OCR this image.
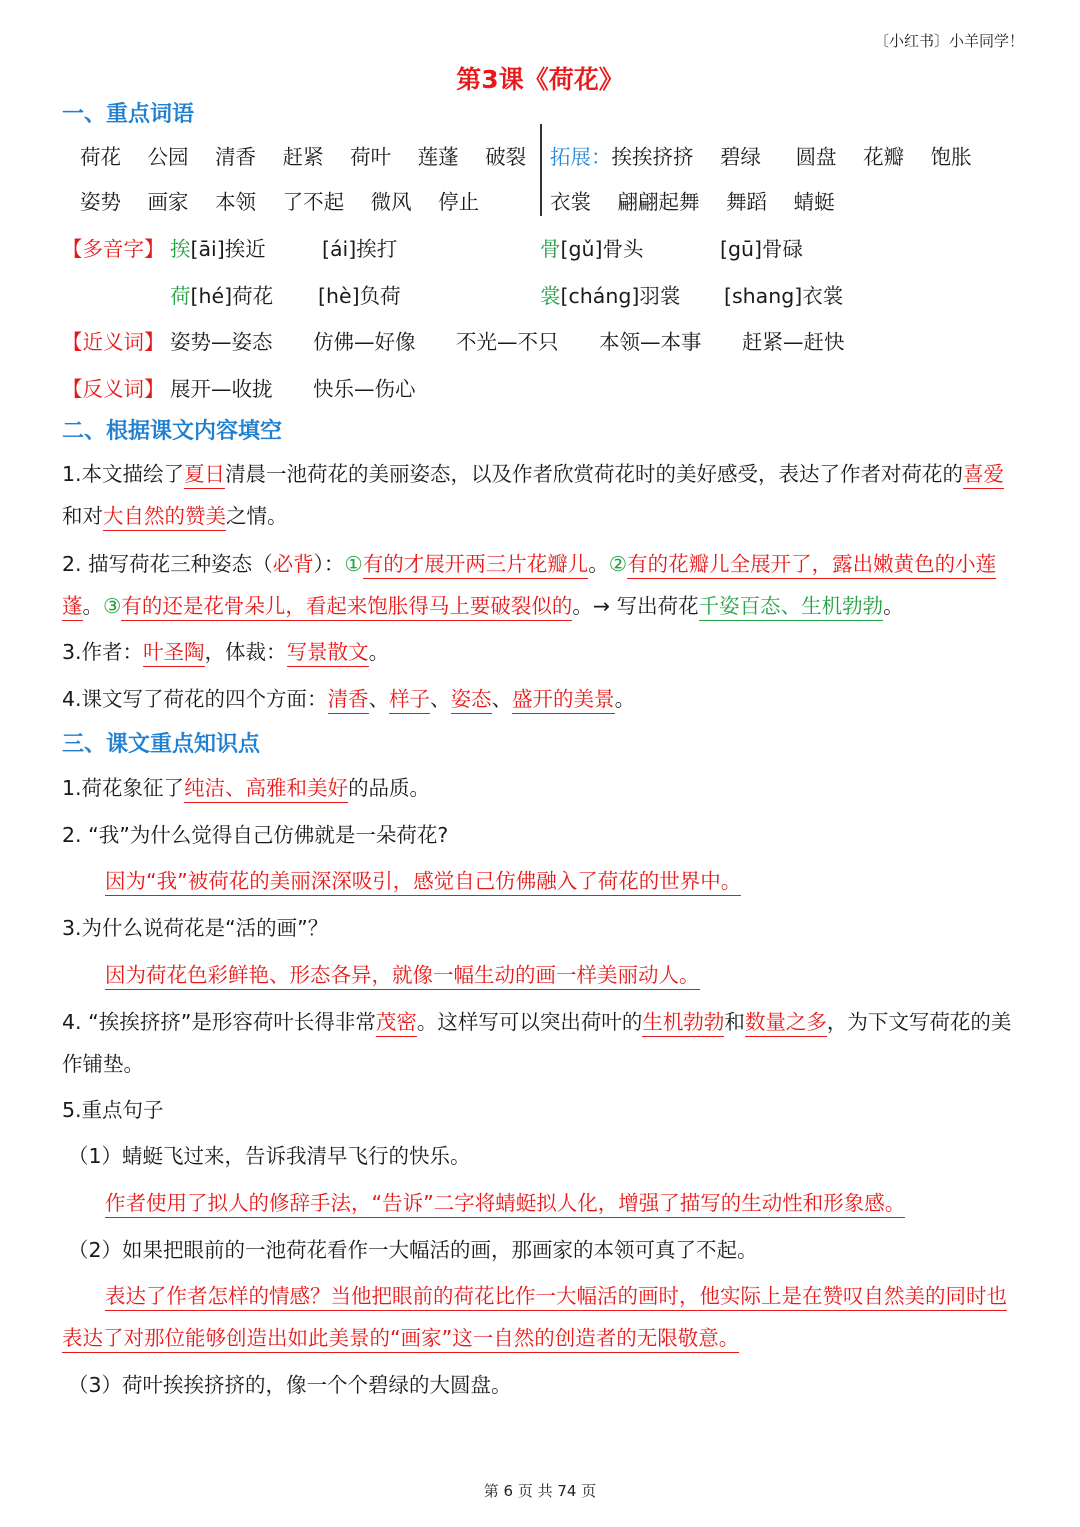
〔小红书〕小羊同学！
第3课《荷花》
一、重点词语
荷花 公园 清香 赶紧 荷叶 莲蓬 破裂
姿势 画家 本领 了不起 微风 停止
拓展：挨挨挤挤 碧绿 圆盘 花瓣 饱胀
衣裳 翩翩起舞 舞蹈 蜻蜓
【多音字】 挨[āi]挨近	[ái]挨打	骨[gǔ]骨头	[gū]骨碌
荷[hé]荷花 [hè]负荷	裳[cháng]羽裳 [shang]衣裳
【近义词】 姿势—姿态 仿佛—好像 不光—不只 本领—本事 赶紧—赶快
【反义词】 展开—收拢 快乐—伤心
二、根据课文内容填空
1.本文描绘了夏日清晨一池荷花的美丽姿态，以及作者欣赏荷花时的美好感受，表达了作者对荷花的喜爱和对大自然的赞美之情。
2. 描写荷花三种姿态（必背）：①有的才展开两三片花瓣儿。②有的花瓣儿全展开了，露出嫩黄色的小莲蓬。③有的还是花骨朵儿，看起来饱胀得马上要破裂似的。→ 写出荷花千姿百态、生机勃勃。
3.作者：叶圣陶，体裁：写景散文。
4.课文写了荷花的四个方面：清香、样子、姿态、盛开的美景。
三、课文重点知识点
1.荷花象征了纯洁、高雅和美好的品质。
2. “我”为什么觉得自己仿佛就是一朵荷花?
因为“我”被荷花的美丽深深吸引，感觉自己仿佛融入了荷花的世界中。
3.为什么说荷花是“活的画”？
因为荷花色彩鲜艳、形态各异，就像一幅生动的画一样美丽动人。
4. “挨挨挤挤”是形容荷叶长得非常茂密。这样写可以突出荷叶的生机勃勃和数量之多，为下文写荷花的美作铺垫。
5.重点句子
（1）蜻蜓飞过来，告诉我清早飞行的快乐。
作者使用了拟人的修辞手法，“告诉”二字将蜻蜓拟人化，增强了描写的生动性和形象感。
（2）如果把眼前的一池荷花看作一大幅活的画，那画家的本领可真了不起。
表达了作者怎样的情感？当他把眼前的荷花比作一大幅活的画时，他实际上是在赞叹自然美的同时也表达了对那位能够创造出如此美景的“画家”这一自然的创造者的无限敬意。
（3）荷叶挨挨挤挤的，像一个个碧绿的大圆盘。
第 6 页 共 74 页
